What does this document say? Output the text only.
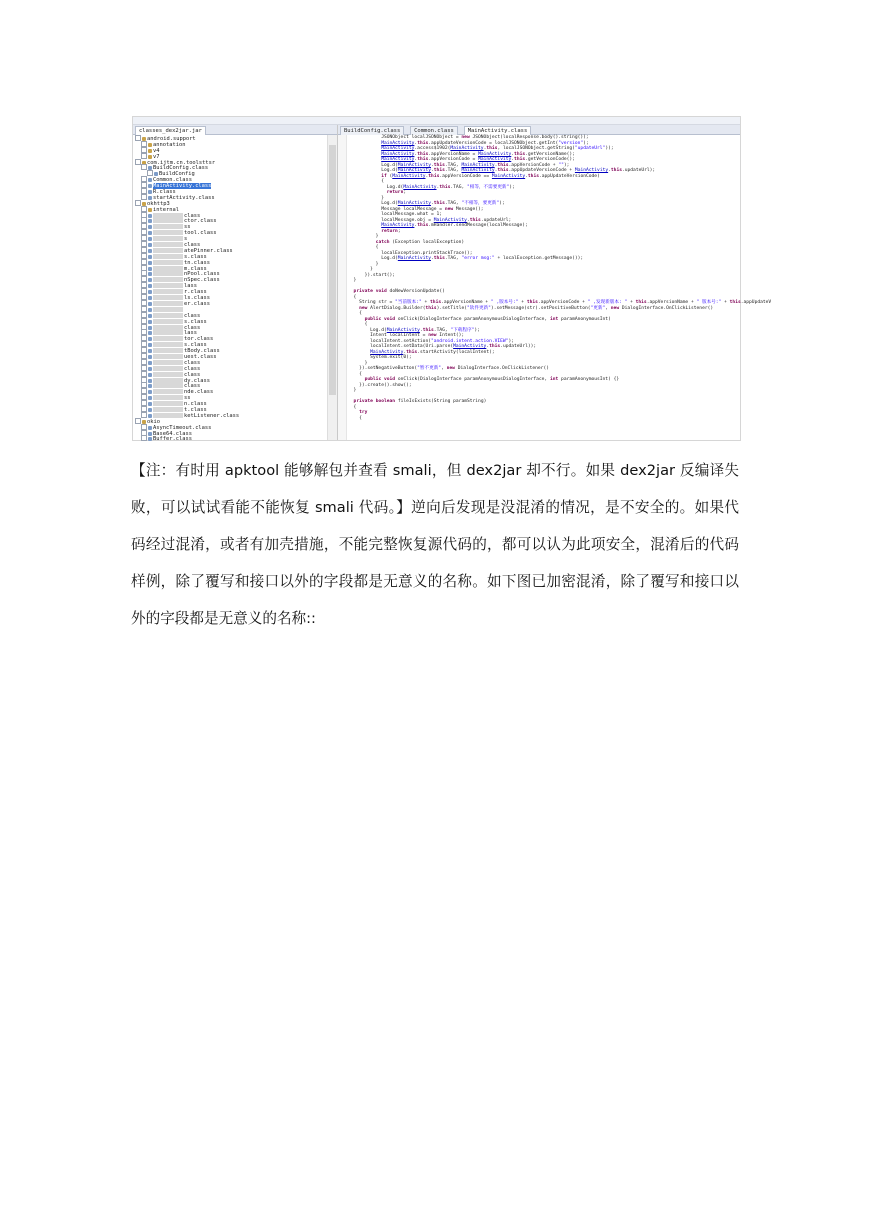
classes_dex2jar.jar
android.support
annotation
v4
v7
com.ijtm.cn.toolsttsr
BuildConfig.class
BuildConfig
Common.class
MainActivity.class
R.class
startActivity.class
okhttp3
internal
class
ctor.class
ss
tool.class
s
class
atePinner.class
s.class
tn.class
m.class
nPool.class
nSpec.class
lass
r.class
ls.class
er.class
class
s.class
class
lass
tor.class
s.class
tBody.class
uest.class
class
class
class
dy.class
class
nde.class
ss
n.class
t.class
ketListener.class
okio
AsyncTimeout.class
Base64.class
Buffer.class
BuildConfig.class	Common.class	MainActivity.class
JSONObject localJSONObject = new JSONObject(localResponse.body().string());
MainActivity.this.appUpdateVersionCode = localJSONObject.getInt("version");
MainActivity.access$1902(MainActivity.this, localJSONObject.getString("updateUrl"));
MainActivity.this.appVersionName = MainActivity.this.getVersionName();
MainActivity.this.appVersionCode = MainActivity.this.getVersionCode();
Log.d(MainActivity.this.TAG, MainActivity.this.appVersionCode + "");
Log.d(MainActivity.this.TAG, MainActivity.this.appUpdateVersionCode + MainActivity.this.updateUrl);
if (MainActivity.this.appVersionCode == MainActivity.this.appUpdateVersionCode)
{
Log.d(MainActivity.this.TAG, "相等，不需要更新");
return;
}
Log.d(MainActivity.this.TAG, "不相等，要更新");
Message localMessage = new Message();
localMessage.what = 1;
localMessage.obj = MainActivity.this.updateUrl;
MainActivity.this.mHandler.sendMessage(localMessage);
return;
}
catch (Exception localException)
{
localException.printStackTrace();
Log.d(MainActivity.this.TAG, "error msg:" + localException.getMessage());
}
}
}).start();
}

private void doNewVersionUpdate()
{
String str = "当前版本:" + this.appVersionName + " ,版本号:" + this.appVersionCode + " ,发现新版本: " + this.appVersionName + " 版本号:" + this.appUpdateV
new AlertDialog.Builder(this).setTitle("软件更新").setMessage(str).setPositiveButton("更新", new DialogInterface.OnClickListener()
{
public void onClick(DialogInterface paramAnonymousDialogInterface, int paramAnonymousInt)
{
Log.d(MainActivity.this.TAG, "下载程序");
Intent localIntent = new Intent();
localIntent.setAction("android.intent.action.VIEW");
localIntent.setData(Uri.parse(MainActivity.this.updateUrl));
MainActivity.this.startActivity(localIntent);
System.exit(0);
}
}).setNegativeButton("暂不更新", new DialogInterface.OnClickListener()
{
public void onClick(DialogInterface paramAnonymousDialogInterface, int paramAnonymousInt) {}
}).create().show();
}

private boolean fileIsExists(String paramString)
{
try
{

【注：有时用 apktool 能够解包并查看 smali，但 dex2jar 却不行。如果 dex2jar 反编译失败，可以试试看能不能恢复 smali 代码。】逆向后发现是没混淆的情况，是不安全的。如果代码经过混淆，或者有加壳措施，不能完整恢复源代码的，都可以认为此项安全，混淆后的代码样例，除了覆写和接口以外的字段都是无意义的名称。如下图已加密混淆，除了覆写和接口以外的字段都是无意义的名称::
